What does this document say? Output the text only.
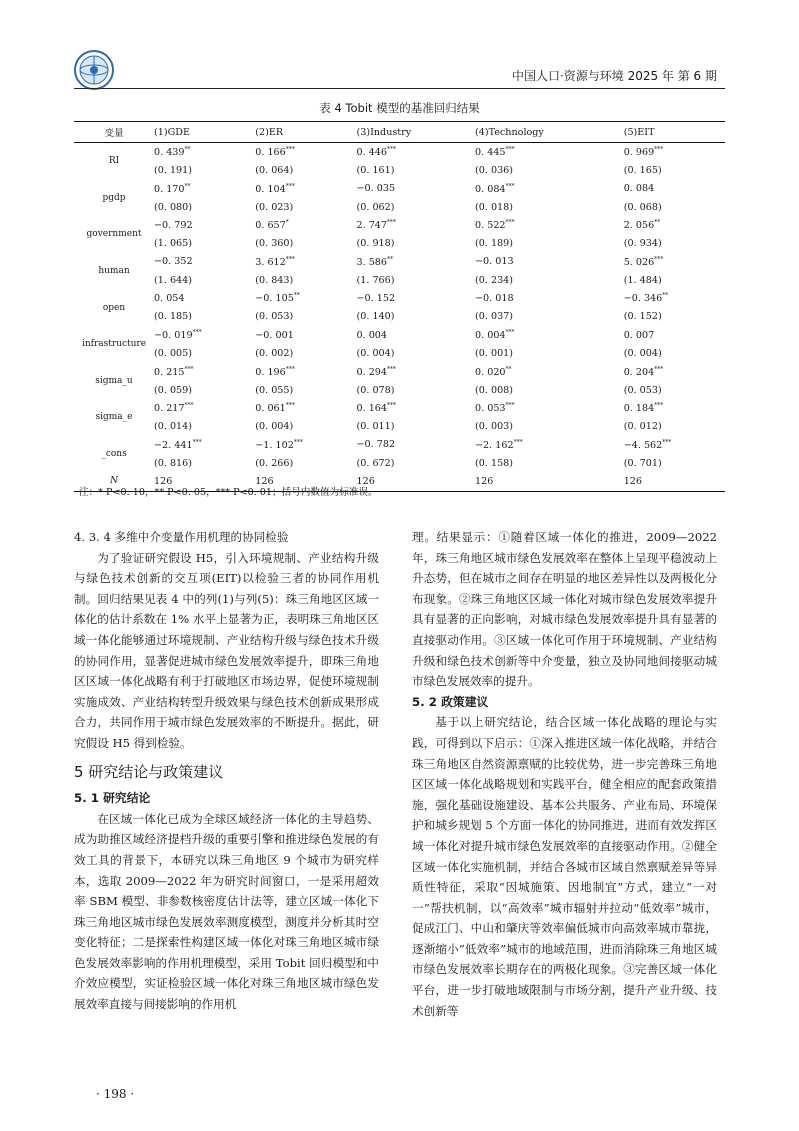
中国人口·资源与环境 2025 年 第 6 期
表 4 Tobit 模型的基准回归结果
变量	(1)GDE	(2)ER	(3)Industry	(4)Technology	(5)EIT
RI	0. 439**	0. 166***	0. 446***	0. 445***	0. 969***
	(0. 191)	(0. 064)	(0. 161)	(0. 036)	(0. 165)
pgdp	0. 170**	0. 104***	−0. 035	0. 084***	0. 084
	(0. 080)	(0. 023)	(0. 062)	(0. 018)	(0. 068)
government	−0. 792	0. 657*	2. 747***	0. 522***	2. 056**
	(1. 065)	(0. 360)	(0. 918)	(0. 189)	(0. 934)
human	−0. 352	3. 612***	3. 586**	−0. 013	5. 026***
	(1. 644)	(0. 843)	(1. 766)	(0. 234)	(1. 484)
open	0. 054	−0. 105**	−0. 152	−0. 018	−0. 346**
	(0. 185)	(0. 053)	(0. 140)	(0. 037)	(0. 152)
infrastructure	−0. 019***	−0. 001	0. 004	0. 004***	0. 007
	(0. 005)	(0. 002)	(0. 004)	(0. 001)	(0. 004)
sigma_u	0. 215***	0. 196***	0. 294***	0. 020**	0. 204***
	(0. 059)	(0. 055)	(0. 078)	(0. 008)	(0. 053)
sigma_e	0. 217***	0. 061***	0. 164***	0. 053***	0. 184***
	(0. 014)	(0. 004)	(0. 011)	(0. 003)	(0. 012)
_cons	−2. 441***	−1. 102***	−0. 782	−2. 162***	−4. 562***
	(0. 816)	(0. 266)	(0. 672)	(0. 158)	(0. 701)
N	126	126	126	126	126
注：* P<0. 10，** P<0. 05，*** P<0. 01；括号内数值为标准误。
4. 3. 4 多维中介变量作用机理的协同检验

为了验证研究假设 H5，引入环境规制、产业结构升级与绿色技术创新的交互项(EIT)以检验三者的协同作用机制。回归结果见表 4 中的列(1)与列(5)：珠三角地区区域一体化的估计系数在 1% 水平上显著为正，表明珠三角地区区域一体化能够通过环境规制、产业结构升级与绿色技术升级的协同作用，显著促进城市绿色发展效率提升，即珠三角地区区域一体化战略有利于打破地区市场边界，促使环境规制实施成效、产业结构转型升级效果与绿色技术创新成果形成合力，共同作用于城市绿色发展效率的不断提升。据此，研究假设 H5 得到检验。

5 研究结论与政策建议
5. 1 研究结论

在区域一体化已成为全球区域经济一体化的主导趋势、成为助推区域经济提档升级的重要引擎和推进绿色发展的有效工具的背景下，本研究以珠三角地区 9 个城市为研究样本，选取 2009—2022 年为研究时间窗口，一是采用超效率 SBM 模型、非参数核密度估计法等，建立区域一体化下珠三角地区城市绿色发展效率测度模型，测度并分析其时空变化特征；二是探索性构建区域一体化对珠三角地区城市绿色发展效率影响的作用机理模型，采用 Tobit 回归模型和中介效应模型，实证检验区域一体化对珠三角地区城市绿色发展效率直接与间接影响的作用机

理。结果显示：①随着区域一体化的推进，2009—2022 年，珠三角地区城市绿色发展效率在整体上呈现平稳波动上升态势，但在城市之间存在明显的地区差异性以及两极化分布现象。②珠三角地区区域一体化对城市绿色发展效率提升具有显著的正向影响，对城市绿色发展效率提升具有显著的直接驱动作用。③区域一体化可作用于环境规制、产业结构升级和绿色技术创新等中介变量，独立及协同地间接驱动城市绿色发展效率的提升。

5. 2 政策建议

基于以上研究结论，结合区域一体化战略的理论与实践，可得到以下启示：①深入推进区域一体化战略，并结合珠三角地区自然资源禀赋的比较优势，进一步完善珠三角地区区域一体化战略规划和实践平台，健全相应的配套政策措施，强化基础设施建设、基本公共服务、产业布局、环境保护和城乡规划 5 个方面一体化的协同推进，进而有效发挥区域一体化对提升城市绿色发展效率的直接驱动作用。②健全区域一体化实施机制，并结合各城市区域自然禀赋差异等异质性特征，采取“因城施策、因地制宜”方式，建立“一对一”帮扶机制，以“高效率”城市辐射并拉动“低效率”城市，促成江门、中山和肇庆等效率偏低城市向高效率城市靠拢，逐渐缩小“低效率”城市的地域范围，进而消除珠三角地区城市绿色发展效率长期存在的两极化现象。③完善区域一体化平台，进一步打破地域限制与市场分割，提升产业升级、技术创新等

· 198 ·
